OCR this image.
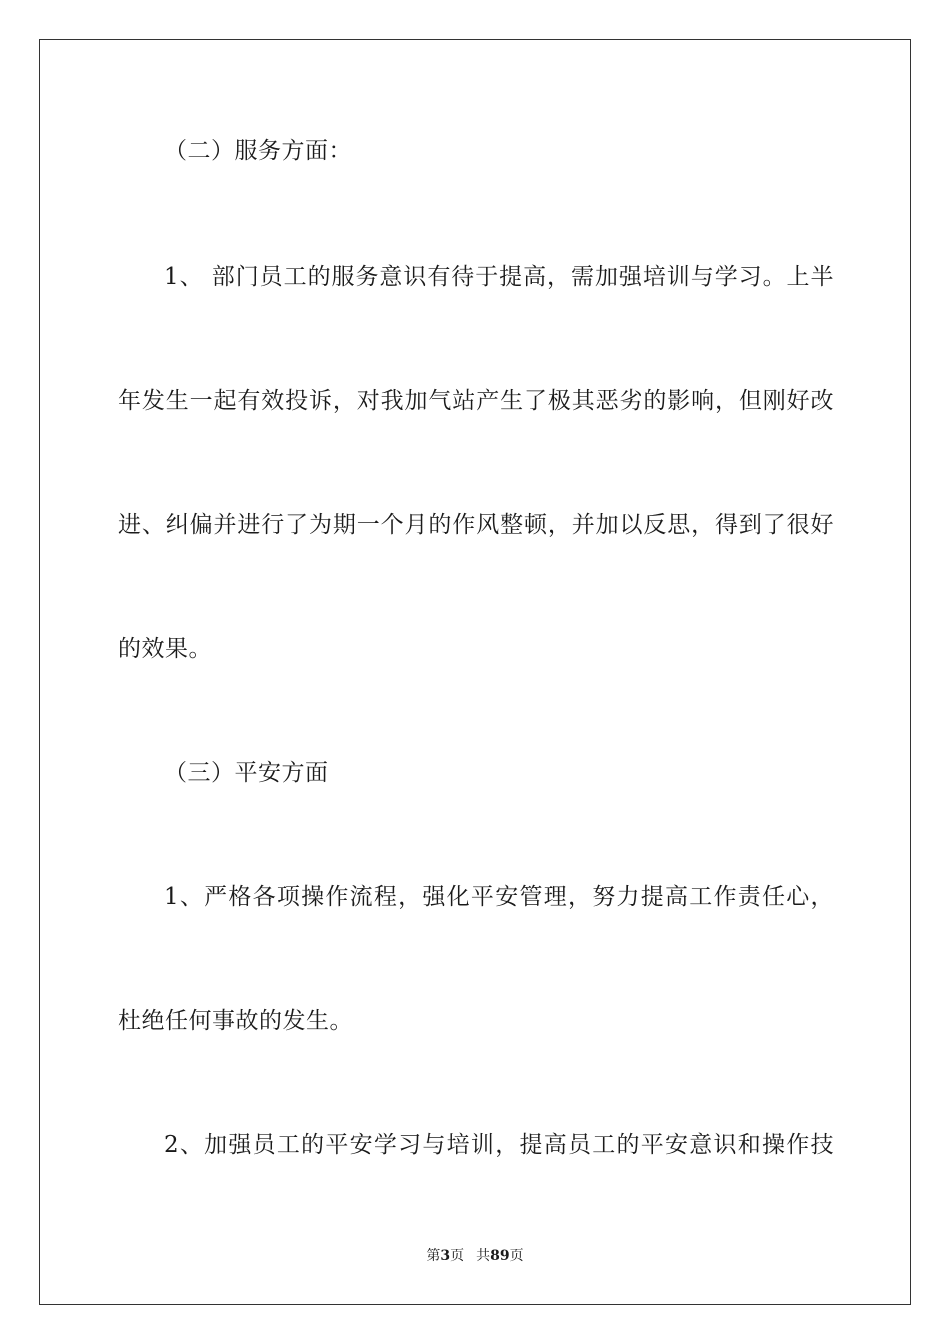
（二）服务方面：
1、 部门员工的服务意识有待于提高，需加强培训与学习。上半
年发生一起有效投诉，对我加气站产生了极其恶劣的影响，但刚好改
进、纠偏并进行了为期一个月的作风整顿，并加以反思，得到了很好
的效果。
（三）平安方面
1、严格各项操作流程，强化平安管理，努力提高工作责任心，
杜绝任何事故的发生。
2、加强员工的平安学习与培训，提高员工的平安意识和操作技
第3页 共89页
